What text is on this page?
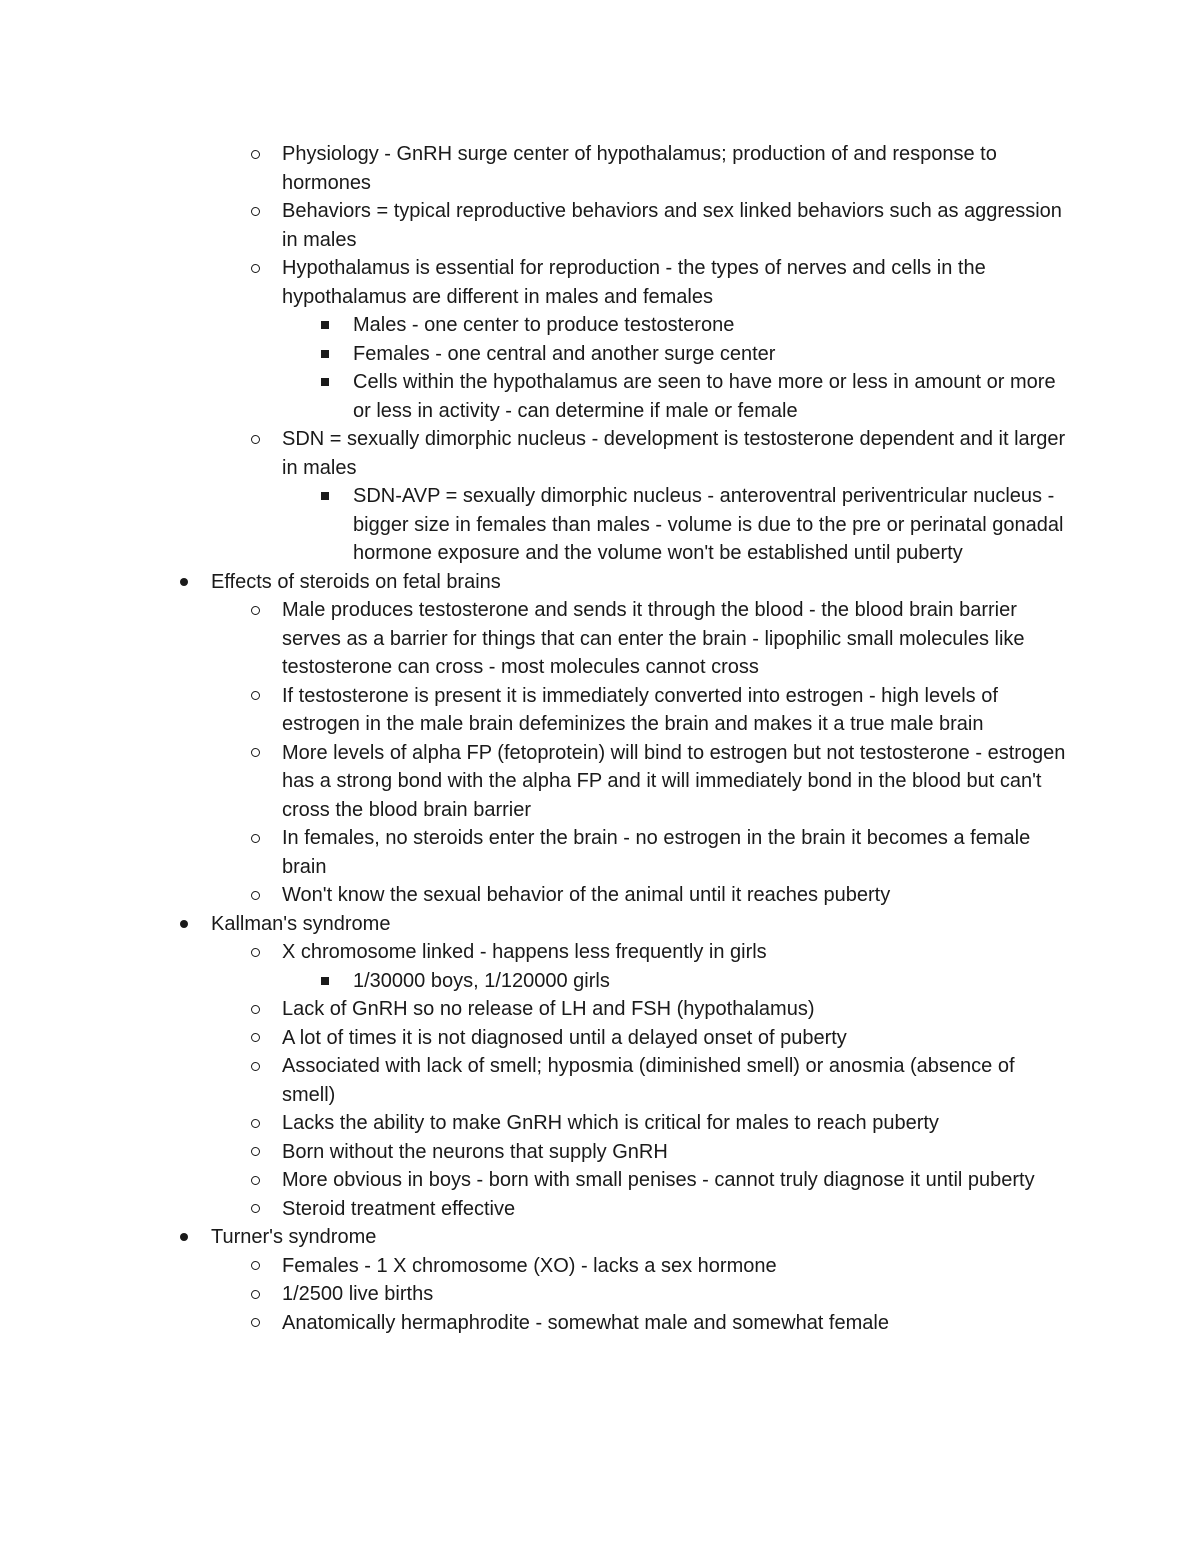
Physiology - GnRH surge center of hypothalamus; production of and response to hormones
Behaviors = typical reproductive behaviors and sex linked behaviors such as aggression in males
Hypothalamus is essential for reproduction - the types of nerves and cells in the hypothalamus are different in males and females
Males - one center to produce testosterone
Females - one central and another surge center
Cells within the hypothalamus are seen to have more or less in amount or more or less in activity - can determine if male or female
SDN = sexually dimorphic nucleus - development is testosterone dependent and it larger in males
SDN-AVP = sexually dimorphic nucleus - anteroventral periventricular nucleus - bigger size in females than males - volume is due to the pre or perinatal gonadal hormone exposure and the volume won't be established until puberty
Effects of steroids on fetal brains
Male produces testosterone and sends it through the blood - the blood brain barrier serves as a barrier for things that can enter the brain - lipophilic small molecules like testosterone can cross - most molecules cannot cross
If testosterone is present it is immediately converted into estrogen - high levels of estrogen in the male brain defeminizes the brain and makes it a true male brain
More levels of alpha FP (fetoprotein) will bind to estrogen but not testosterone - estrogen has a strong bond with the alpha FP and it will immediately bond in the blood but can't cross the blood brain barrier
In females, no steroids enter the brain - no estrogen in the brain it becomes a female brain
Won't know the sexual behavior of the animal until it reaches puberty
Kallman's syndrome
X chromosome linked - happens less frequently in girls
1/30000 boys, 1/120000 girls
Lack of GnRH so no release of LH and FSH (hypothalamus)
A lot of times it is not diagnosed until a delayed onset of puberty
Associated with lack of smell; hyposmia (diminished smell) or anosmia (absence of smell)
Lacks the ability to make GnRH which is critical for males to reach puberty
Born without the neurons that supply GnRH
More obvious in boys - born with small penises - cannot truly diagnose it until puberty
Steroid treatment effective
Turner's syndrome
Females - 1 X chromosome (XO) - lacks a sex hormone
1/2500 live births
Anatomically hermaphrodite - somewhat male and somewhat female
